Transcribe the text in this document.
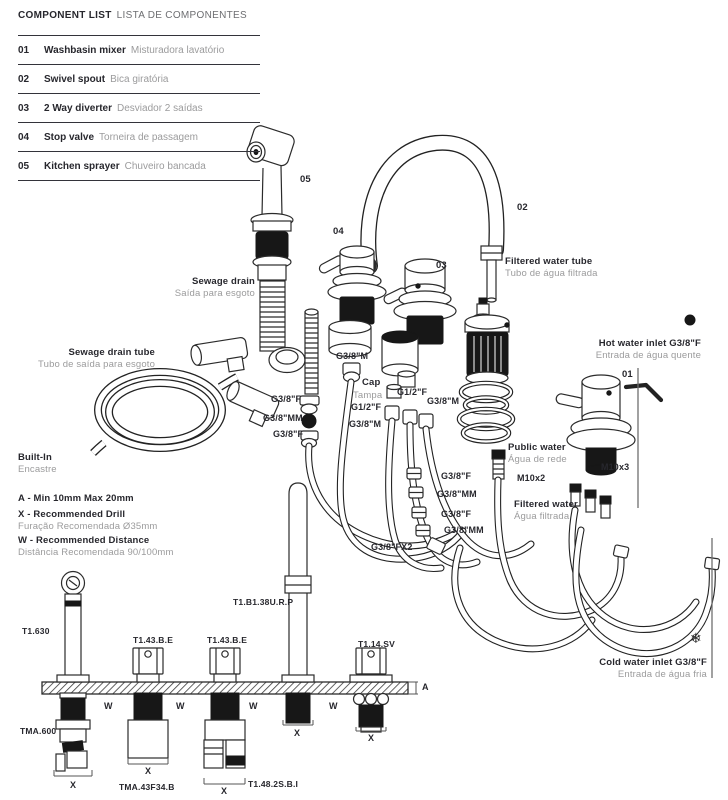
COMPONENT LIST LISTA DE COMPONENTES
01	Washbasin mixer Misturadora lavatório
02	Swivel spout Bica giratória
03	2 Way diverter Desviador 2 saídas
04	Stop valve Torneira de passagem
05	Kitchen sprayer Chuveiro bancada
05
04
02
03
01
Sewage drain
Saída para esgoto
Sewage drain tube
Tubo de saída para esgoto
Filtered water tube
Tubo de água filtrada
Hot water inlet G3/8"F
Entrada de água quente
Cold water inlet G3/8"F
Entrada de água fria
Public water
Água de rede
Filtered water
Água filtrada
Cap
Tampa
G3/8"M
G1/2"F
G3/8"M
G1/2"F
G3/8"M
G3/8"F
G3/8"MM
G3/8"F
G3/8"F
G3/8"MM
G3/8"F
G3/8"MM
G3/8"FX2
M10x2
M10x3
Built-In
Encastre
A - Min 10mm Max 20mm
X - Recommended Drill
Furação Recomendada Ø35mm
W - Recommended Distance
Distância Recomendada 90/100mm
T1.630
T1.43.B.E	T1.43.B.E
T1.B1.38U.R.P
T1.14.SV
TMA.600
TMA.43F34.B	T1.48.2S.B.I
W	W	W	W
X
X
X
X	X
A
❄
